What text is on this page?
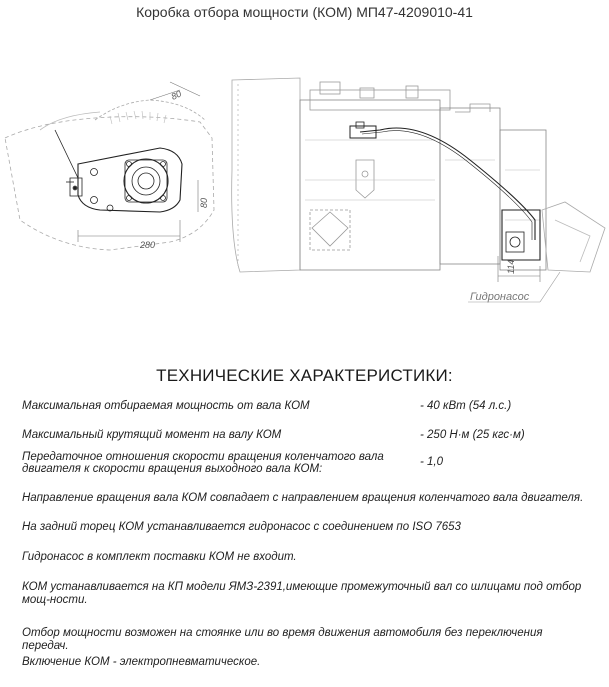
Коробка отбора мощности (КОМ) МП47-4209010-41
80
80
280
114
Гидронасос
ТЕХНИЧЕСКИЕ ХАРАКТЕРИСТИКИ:
Максимальная отбираемая мощность от вала КОМ	- 40 кВт (54 л.с.)
Максимальный крутящий момент на валу КОМ	- 250 Н·м (25 кгс·м)
Передаточное отношения скорости вращения коленчатого вала двигателя к скорости вращения выходного вала КОМ:
- 1,0
Направление вращения вала КОМ совпадает с направлением вращения коленчатого вала двигателя.
На задний торец КОМ устанавливается гидронасос с соединением по ISO 7653
Гидронасос в комплект поставки КОМ не входит.
КОМ устанавливается на КП модели ЯМЗ-2391,имеющие промежуточный вал со шлицами под отбор мощ-ности.
Отбор мощности возможен на стоянке или во время движения автомобиля без переключения передач.
Включение КОМ - электропневматическое.
